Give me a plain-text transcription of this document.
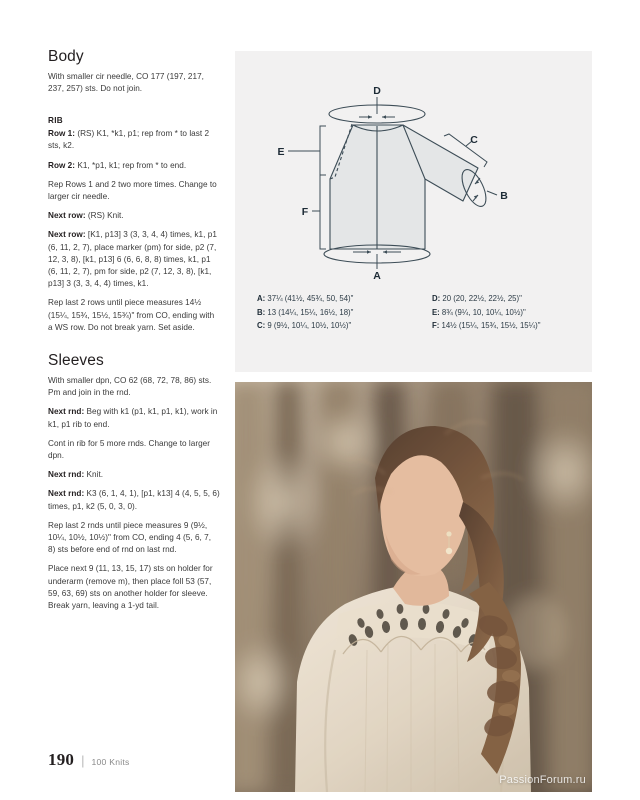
Body

With smaller cir needle, CO 177 (197, 217, 237, 257) sts. Do not join.

RIB

Row 1: (RS) K1, *k1, p1; rep from * to last 2 sts, k2.

Row 2: K1, *p1, k1; rep from * to end.

Rep Rows 1 and 2 two more times. Change to larger cir needle.

Next row: (RS) Knit.

Next row: [K1, p13] 3 (3, 3, 4, 4) times, k1, p1 (6, 11, 2, 7), place marker (pm) for side, p2 (7, 12, 3, 8), [k1, p13] 6 (6, 6, 8, 8) times, k1, p1 (6, 11, 2, 7), pm for side, p2 (7, 12, 3, 8), [k1, p13] 3 (3, 3, 4, 4) times, k1.

Rep last 2 rows until piece measures 14½ (15¼, 15¾, 15½, 15¾)" from CO, ending with a WS row. Do not break yarn. Set aside.

Sleeves

With smaller dpn, CO 62 (68, 72, 78, 86) sts. Pm and join in the rnd.

Next rnd: Beg with k1 (p1, k1, p1, k1), work in k1, p1 rib to end.

Cont in rib for 5 more rnds. Change to larger dpn.

Next rnd: Knit.

Next rnd: K3 (6, 1, 4, 1), [p1, k13] 4 (4, 5, 5, 6) times, p1, k2 (5, 0, 3, 0).

Rep last 2 rnds until piece measures 9 (9½, 10¼, 10½, 10½)" from CO, ending 4 (5, 6, 7, 8) sts before end of rnd on last rnd.

Place next 9 (11, 13, 15, 17) sts on holder for underarm (remove m), then place foll 53 (57, 59, 63, 69) sts on another holder for sleeve. Break yarn, leaving a 1-yd tail.

D
A
B
C
E
F
A: 37¼ (41½, 45¾, 50, 54)"
B: 13 (14¼, 15¼, 16½, 18)"
C: 9 (9½, 10¼, 10½, 10½)"
D: 20 (20, 22½, 22½, 25)"
E: 8¾ (9¼, 10, 10¼, 10½)"
F: 14½ (15¼, 15¾, 15½, 15¼)"
PassionForum.ru
190 | 100 Knits
